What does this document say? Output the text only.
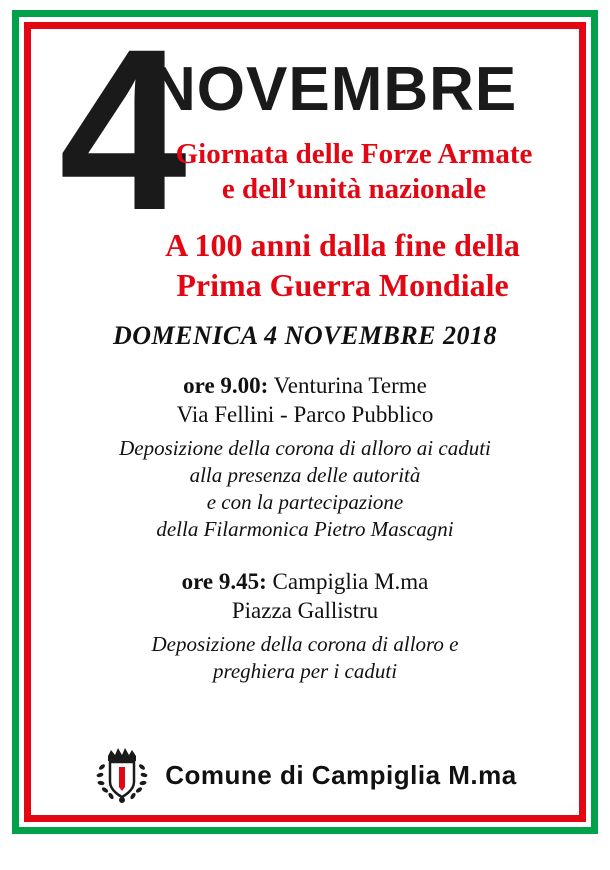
4
NOVEMBRE
Giornata delle Forze Armate
e dell’unità nazionale
A 100 anni dalla fine della
Prima Guerra Mondiale
DOMENICA 4 NOVEMBRE 2018
ore 9.00: Venturina Terme
Via Fellini - Parco Pubblico
Deposizione della corona di alloro ai caduti
alla presenza delle autorità
e con la partecipazione
della Filarmonica Pietro Mascagni
ore 9.45: Campiglia M.ma
Piazza Gallistru
Deposizione della corona di alloro e
preghiera per i caduti
Comune di Campiglia M.ma
